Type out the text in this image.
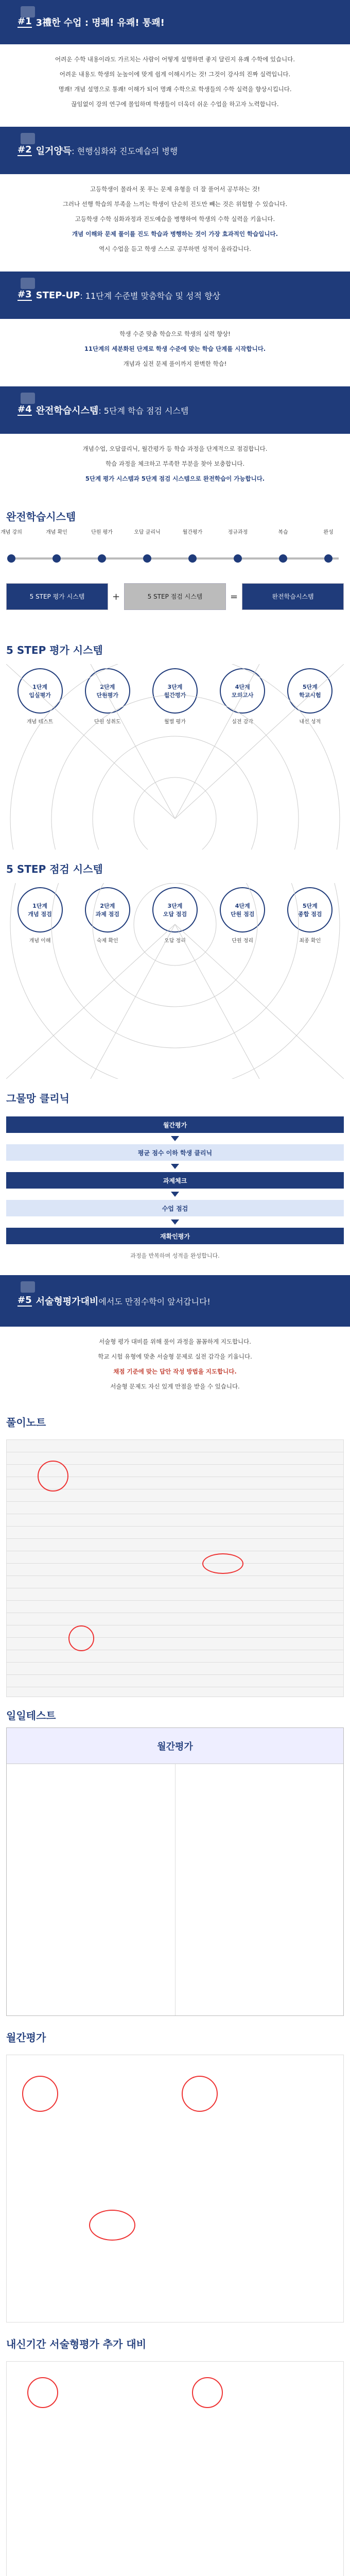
#1 3禮한 수업 : 명쾌! 유쾌! 통쾌!

어려운 수학 내용이라도 가르치는 사람이 어떻게 설명하면 좋지 달린지 유쾌 수학에 있습니다.

어려운 내용도 학생의 눈높이에 맞게 쉽게 이해시키는 것! 그것이 강사의 진짜 실력입니다.

명쾌! 개념 설명으로 통쾌! 이해가 되어 명쾌 수학으로 학생들의 수학 실력을 향상시킵니다.

끊임없이 강의 연구에 몰입하며 학생들이 더욱더 쉬운 수업을 하고자 노력합니다.

#2 일거양득 : 현행심화와 진도예습의 병행

고등학생이 몰라서 못 푸는 문제 유형을 더 잘 풀어서 공부하는 것!

그러나 선행 학습의 부족을 느끼는 학생이 단순히 진도만 빼는 것은 위험할 수 있습니다.

고등학생 수학 심화과정과 진도예습을 병행하여 학생의 수학 실력을 키웁니다.

개념 이해와 문제 풀이를 진도 학습과 병행하는 것이 가장 효과적인 학습입니다.

역시 수업을 듣고 학생 스스로 공부하면 성적이 올라갑니다.

#3 STEP-UP : 11단계 수준별 맞춤학습 및 성적 향상

학생 수준 맞춤 학습으로 학생의 실력 향상!

11단계의 세분화된 단계로 학생 수준에 맞는 학습 단계를 시작합니다.

개념과 실전 문제 풀이까지 완벽한 학습!

#4 완전학습시스템 : 5단계 학습 점검 시스템

개념수업, 오답클리닉, 월간평가 등 학습 과정을 단계적으로 점검합니다.

학습 과정을 체크하고 부족한 부분을 찾아 보충합니다.

5단계 평가 시스템과 5단계 점검 시스템으로 완전학습이 가능합니다.

완전학습시스템
개념 강의	개념 확인	단원 평가	오답 클리닉	월간평가	정규과정	복습	완성
5 STEP 평가 시스템	+	5 STEP 점검 시스템	=	완전학습시스템
5 STEP 평가 시스템
1단계
입실평가
개념 테스트
2단계
단원평가
단원 성취도
3단계
월간평가
월별 평가
4단계
모의고사
실전 감각
5단계
학교시험
내신 성적
5 STEP 점검 시스템
1단계
개념 점검
개념 이해
2단계
과제 점검
숙제 확인
3단계
오답 점검
오답 정리
4단계
단원 점검
단원 정리
5단계
종합 점검
최종 확인
그물망 클리닉
월간평가
평균 점수 이하 학생 클리닉
과제체크
수업 점검
재확인평가

과정을 반복하며 성적을 완성합니다.

#5 서술형평가대비 에서도 만점수학이 앞서갑니다!

서술형 평가 대비를 위해 풀이 과정을 꼼꼼하게 지도합니다.

학교 시험 유형에 맞춘 서술형 문제로 실전 감각을 키웁니다.

채점 기준에 맞는 답안 작성 방법을 지도합니다.

서술형 문제도 자신 있게 만점을 받을 수 있습니다.

풀이노트
일일테스트
월간평가
월간평가
내신기간 서술형평가 추가 대비
